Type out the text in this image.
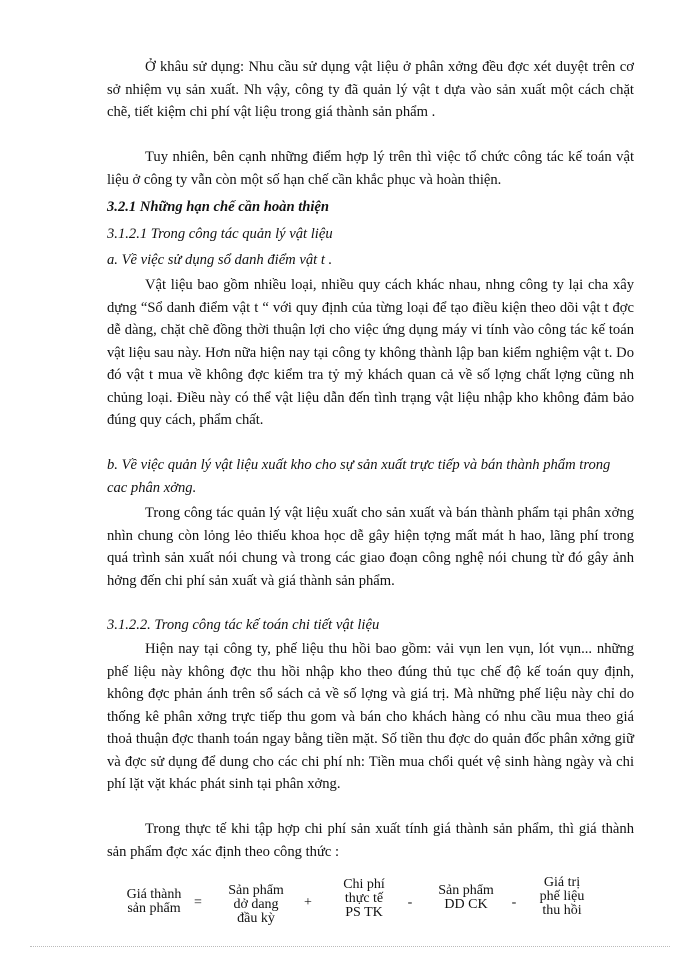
Ở khâu sử dụng: Nhu cầu sử dụng vật liệu ở phân xởng đều đợc xét duyệt trên cơ sở nhiệm vụ sản xuất. Nh vậy, công ty đã quản lý vật t dựa vào sản xuất một cách chặt chẽ, tiết kiệm chi phí vật liệu trong giá thành sản phẩm .

Tuy nhiên, bên cạnh những điểm hợp lý trên thì việc tổ chức công tác kế toán vật liệu ở công ty vẫn còn một số hạn chế cần khắc phục và hoàn thiện.

3.2.1 Những hạn chế cần hoàn thiện

3.1.2.1 Trong công tác quản lý vật liệu

a. Về việc sử dụng sổ danh điểm vật t .

Vật liệu bao gồm nhiều loại, nhiều quy cách khác nhau, nhng công ty lại cha xây dựng “Sổ danh điểm vật t “ với quy định của từng loại để tạo điều kiện theo dõi vật t đợc dễ dàng, chặt chẽ đồng thời thuận lợi cho việc ứng dụng máy vi tính vào công tác kế toán vật liệu sau này. Hơn nữa hiện nay tại công ty không thành lập ban kiểm nghiệm vật t. Do đó vật t mua về không đợc kiểm tra tỷ mỷ khách quan cả về số lợng chất lợng cũng nh chủng loại. Điều này có thể vật liệu dẫn đến tình trạng vật liệu nhập kho không đảm bảo đúng quy cách, phẩm chất.

b. Về việc quản lý vật liệu xuất kho cho sự sản xuất trực tiếp và bán thành phẩm trong cac phân xởng.

Trong công tác quản lý vật liệu xuất cho sản xuất và bán thành phẩm tại phân xởng nhìn chung còn lỏng lẻo thiếu khoa học dễ gây hiện tợng mất mát h hao, lãng phí trong quá trình sản xuất nói chung và trong các giao đoạn công nghệ nói chung từ đó gây ảnh hởng đến chi phí sản xuất và giá thành sản phẩm.

3.1.2.2. Trong công tác kế toán chi tiết vật liệu

Hiện nay tại công ty, phế liệu thu hồi bao gồm: vải vụn len vụn, lót vụn... những phế liệu này không đợc thu hồi nhập kho theo đúng thủ tục chế độ kế toán quy định, không đợc phản ánh trên sổ sách cả về số lợng và giá trị. Mà những phế liệu này chỉ do thống kê phân xởng trực tiếp thu gom và bán cho khách hàng có nhu cầu mua theo giá thoả thuận đợc thanh toán ngay bằng tiền mặt. Số tiền thu đợc do quản đốc phân xởng giữ và đợc sử dụng để dung cho các chi phí nh: Tiền mua chổi quét vệ sinh hàng ngày và chi phí lặt vặt khác phát sinh tại phân xởng.

Trong thực tế khi tập hợp chi phí sản xuất tính giá thành sản phẩm, thì giá thành sản phẩm đợc xác định theo công thức :

Giá thành
sản phẩm =
Sản phẩm
dở dang
đầu kỳ
+
Chi phí
thực tế
PS TK
-
Sản phẩm
DD CK	-
Giá trị
phế liệu
thu hồi
